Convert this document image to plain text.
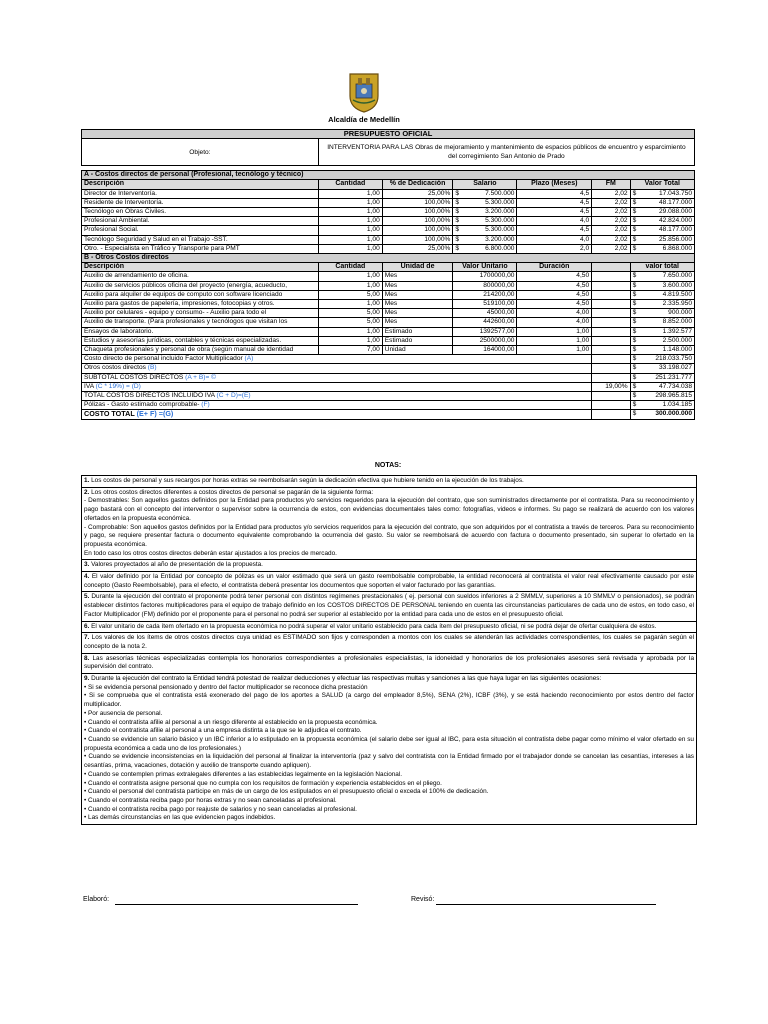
Alcaldía de Medellín
PRESUPUESTO OFICIAL							
Objeto:	INTERVENTORIA PARA LAS Obras de mejoramiento y mantenimiento de espacios públicos de encuentro y esparcimiento del corregimiento San Antonio de Prado						

A - Costos directos de personal (Profesional, tecnólogo y técnico)							
Descripción	Cantidad	% de Dedicación	Salario	Plazo (Meses)	FM	Valor Total	
Director de Interventoría.	1,00	25,00%	$ 7.500.000	4,5	2,02	$	17.043.750
Residente de Interventoría.	1,00	100,00%	$ 5.300.000	4,5	2,02	$	48.177.000
Tecnólogo en Obras Civiles.	1,00	100,00%	$ 3.200.000	4,5	2,02	$	29.088.000
Profesional Ambiental.	1,00	100,00%	$ 5.300.000	4,0	2,02	$	42.824.000
Profesional Social.	1,00	100,00%	$ 5.300.000	4,5	2,02	$	48.177.000
Tecnólogo Seguridad y Salud en el Trabajo -SST.	1,00	100,00%	$ 3.200.000	4,0	2,02	$	25.856.000
Otro. - Especialista en Tráfico y Transporte para PMT	1,00	25,00%	$ 6.800.000	2,0	2,02	$	6.868.000
B - Otros Costos directos							
Descripción	Cantidad	Unidad de	Valor Unitario	Duración		valor total	
Auxilio de arrendamiento de oficina.	1,00	Mes	1700000,00	4,50		$	7.650.000
Auxilio de servicios públicos oficina del proyecto (energía, acueducto,	1,00	Mes	800000,00	4,50		$	3.600.000
Auxilio para alquiler de equipos de computo con software licenciado	5,00	Mes	214200,00	4,50		$	4.819.500
Auxilio para gastos de papelería, impresiones, fotocopias y otros.	1,00	Mes	519100,00	4,50		$	2.335.950
Auxilio por celulares - equipo y consumo- - Auxilio para todo el	5,00	Mes	45000,00	4,00		$	900.000
Auxilio de transporte. (Para profesionales y tecnólogos que visitan los	5,00	Mes	442600,00	4,00		$	8.852.000
Ensayos de laboratorio.	1,00	Estimado	1392577,00	1,00		$	1.392.577
Estudios y asesorías jurídicas, contables y técnicas especializadas.	1,00	Estimado	2500000,00	1,00		$	2.500.000
Chaqueta profesionales y personal de obra (según manual de identidad	7,00	Unidad	164000,00	1,00		$	1.148.000
Costo directo de personal incluido Factor Multiplicador (A)						$	218.033.750
Otros costos directos (B)						$	33.198.027
SUBTOTAL COSTOS DIRECTOS (A + B)= ©						$	251.231.777
IVA (C * 19%) = (D)					19,00%	$	47.734.038
TOTAL COSTOS DIRECTOS INCLUIDO IVA (C + D)=(E)						$	298.965.815
Pólizas - Gasto estimado comprobable- (F)						$	1.034.185
COSTO TOTAL (E+ F) =(G)						$	300.000.000
NOTAS:
1. Los costos de personal y sus recargos por horas extras se reembolsarán según la dedicación efectiva que hubiere tenido en la ejecución de los trabajos.
2. Los otros costos directos diferentes a costos directos de personal se pagarán de la siguiente forma:
- Demostrables: Son aquellos gastos definidos por la Entidad para productos y/o servicios requeridos para la ejecución del contrato, que son suministrados directamente por el contratista. Para su reconocimiento y pago bastará con el concepto del interventor o supervisor sobre la ocurrencia de estos, con evidencias documentales tales como: fotografías, videos e informes. Su pago se realizará de acuerdo con los valores ofertados en la propuesta económica.
- Comprobable: Son aquellos gastos definidos por la Entidad para productos y/o servicios requeridos para la ejecución del contrato, que son adquiridos por el contratista a través de terceros. Para su reconocimiento y pago, se requiere presentar factura o documento equivalente comprobando la ocurrencia del gasto. Su valor se reembolsará de acuerdo con factura o documento presentado, sin superar lo ofertado en la propuesta económica.
En todo caso los otros costos directos deberán estar ajustados a los precios de mercado.
3. Valores proyectados al año de presentación de la propuesta.
4. El valor definido por la Entidad por concepto de pólizas es un valor estimado que será un gasto reembolsable comprobable, la entidad reconocerá al contratista el valor real efectivamente causado por este concepto (Gasto Reembolsable), para el efecto, el contratista deberá presentar los documentos que soporten el valor facturado por las garantías.
5. Durante la ejecución del contrato el proponente podrá tener personal con distintos regímenes prestacionales ( ej. personal con sueldos inferiores a 2 SMMLV, superiores a 10 SMMLV o pensionados), se podrán establecer distintos factores multiplicadores para el equipo de trabajo definido en los COSTOS DIRECTOS DE PERSONAL teniendo en cuenta las circunstancias particulares de cada uno de estos, en todo caso, el Factor Multiplicador (FM) definido por el proponente para el personal no podrá ser superior al establecido por la entidad para cada uno de estos en el presupuesto oficial.
6. El valor unitario de cada ítem ofertado en la propuesta económica no podrá superar el valor unitario establecido para cada ítem del presupuesto oficial, ni se podrá dejar de ofertar cualquiera de estos.
7. Los valores de los ítems de otros costos directos cuya unidad es ESTIMADO son fijos y corresponden a montos con los cuales se atenderán las actividades correspondientes, los cuales se pagarán según el concepto de la nota 2.
8. Las asesorías técnicas especializadas contempla los honorarios correspondientes a profesionales especialistas, la idoneidad y honorarios de los profesionales asesores será revisada y aprobada por la supervisión del contrato.
9. Durante la ejecución del contrato la Entidad tendrá potestad de realizar deducciones y efectuar las respectivas multas y sanciones a las que haya lugar en las siguientes ocasiones:
• Si se evidencia personal pensionado y dentro del factor multiplicador se reconoce dicha prestación
• Si se comprueba que el contratista está exonerado del pago de los aportes a SALUD (a cargo del empleador 8,5%), SENA (2%), ICBF (3%), y se está haciendo reconocimiento por estos dentro del factor multiplicador.
• Por ausencia de personal.
• Cuando el contratista afilie al personal a un riesgo diferente al establecido en la propuesta económica.
• Cuando el contratista afilie al personal a una empresa distinta a la que se le adjudica el contrato.
• Cuando se evidencie un salario básico y un IBC inferior a lo estipulado en la propuesta económica (el salario debe ser igual al IBC, para esta situación el contratista debe pagar como mínimo el valor ofertado en su propuesta económica a cada uno de los profesionales.)
• Cuando se evidencie inconsistencias en la liquidación del personal al finalizar la interventoría (paz y salvo del contratista con la Entidad firmado por el trabajador donde se cancelan las cesantías, intereses a las cesantías, prima, vacaciones, dotación y auxilio de transporte cuando apliquen).
• Cuando se contemplen primas extralegales diferentes a las establecidas legalmente en la legislación Nacional.
• Cuando el contratista asigne personal que no cumpla con los requisitos de formación y experiencia establecidos en el pliego.
• Cuando el personal del contratista participe en más de un cargo de los estipulados en el presupuesto oficial o exceda el 100% de dedicación.
• Cuando el contratista reciba pago por horas extras y no sean canceladas al profesional.
• Cuando el contratista reciba pago por reajuste de salarios y no sean canceladas al profesional.
• Las demás circunstancias en las que evidencien pagos indebidos.
Elaboró:	Revisó:
